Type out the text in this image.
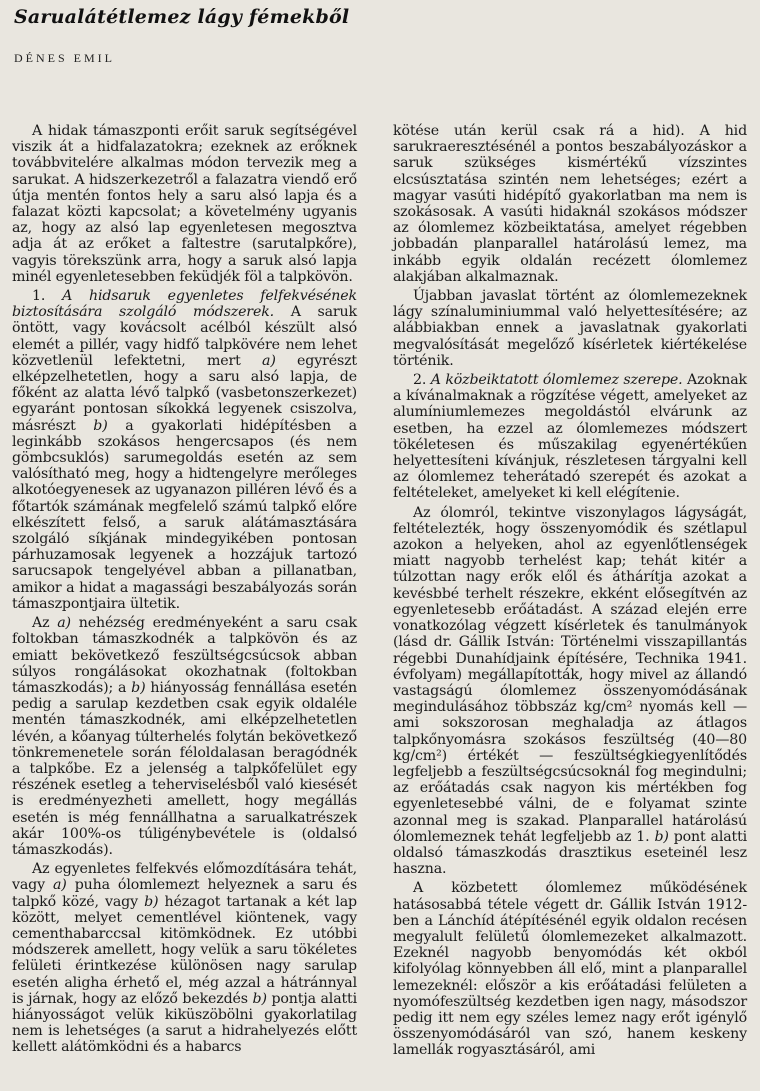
Sarualátétlemez lágy fémekből
DÉNES EMIL

A hidak támaszponti erőit saruk segítségével viszik át a hidfalazatokra; ezeknek az erőknek továbbvitelére alkalmas módon tervezik meg a sarukat. A hidszerkezetről a falazatra viendő erő útja mentén fontos hely a saru alsó lapja és a falazat közti kapcsolat; a követelmény ugyanis az, hogy az alsó lap egyenletesen megosztva adja át az erőket a faltestre (sarutalpkőre), vagyis törekszünk arra, hogy a saruk alsó lapja minél egyenletesebben feküdjék föl a talpkövön.

1. A hidsaruk egyenletes felfekvésének biztosítására szolgáló módszerek. A saruk öntött, vagy kovácsolt acélból készült alsó elemét a pillér, vagy hidfő talpkövére nem lehet közvetlenül lefektetni, mert a) egyrészt elképzelhetetlen, hogy a saru alsó lapja, de főként az alatta lévő talpkő (vasbetonszerkezet) egyaránt pontosan síkokká legyenek csiszolva, másrészt b) a gyakorlati hidépítésben a leginkább szokásos hengercsapos (és nem gömbcsuklós) sarumegoldás esetén az sem valósítható meg, hogy a hidtengelyre merőleges alkotóegyenesek az ugyanazon pilléren lévő és a főtartók számának megfelelő számú talpkő előre elkészített felső, a saruk alátámasztására szolgáló síkjának mindegyikében pontosan párhuzamosak legyenek a hozzájuk tartozó sarucsapok tengelyével abban a pillanatban, amikor a hidat a magassági beszabályozás során támaszpontjaira ültetik.

Az a) nehézség eredményeként a saru csak foltokban támaszkodnék a talpkövön és az emiatt bekövetkező feszültségcsúcsok abban súlyos rongálásokat okozhatnak (foltokban támaszkodás); a b) hiányosság fennállása esetén pedig a sarulap kezdetben csak egyik oldaléle mentén támaszkodnék, ami elképzelhetetlen lévén, a kőanyag túlterhelés folytán bekövetkező tönkremenetele során féloldalasan beragódnék a talpkőbe. Ez a jelenség a talpkőfelület egy részének esetleg a teherviselésből való kiesését is eredményezheti amellett, hogy megállás esetén is még fennállhatna a sarualkatrészek akár 100%-os túligénybevétele is (oldalsó támaszkodás).

Az egyenletes felfekvés előmozdítására tehát, vagy a) puha ólomlemezt helyeznek a saru és talpkő közé, vagy b) hézagot tartanak a két lap között, melyet cementlével kiöntenek, vagy cementhabarccsal kitömködnek. Ez utóbbi módszerek amellett, hogy velük a saru tökéletes felületi érintkezése különösen nagy sarulap esetén aligha érhető el, még azzal a hátránnyal is járnak, hogy az előző bekezdés b) pontja alatti hiányosságot velük kiküszöbölni gyakorlatilag nem is lehetséges (a sarut a hidrahelyezés előtt kellett alátömködni és a habarcs

kötése után kerül csak rá a hid). A hid sarukraeresztésénél a pontos beszabályozáskor a saruk szükséges kismértékű vízszintes elcsúsztatása szintén nem lehetséges; ezért a magyar vasúti hidépítő gyakorlatban ma nem is szokásosak. A vasúti hidaknál szokásos módszer az ólomlemez közbeiktatása, amelyet régebben jobbadán planparallel határolású lemez, ma inkább egyik oldalán recézett ólomlemez alakjában alkalmaznak.

Újabban javaslat történt az ólomlemezeknek lágy színaluminiummal való helyettesítésére; az alábbiakban ennek a javaslatnak gyakorlati megvalósítását megelőző kísérletek kiértékelése történik.

2. A közbeiktatott ólomlemez szerepe. Azoknak a kívánalmaknak a rögzítése végett, amelyeket az alumíniumlemezes megoldástól elvárunk az esetben, ha ezzel az ólomlemezes módszert tökéletesen és műszakilag egyenértékűen helyettesíteni kívánjuk, részletesen tárgyalni kell az ólomlemez teherátadó szerepét és azokat a feltételeket, amelyeket ki kell elégítenie.

Az ólomról, tekintve viszonylagos lágyságát, feltételezték, hogy összenyomódik és szétlapul azokon a helyeken, ahol az egyenlőtlenségek miatt nagyobb terhelést kap; tehát kitér a túlzottan nagy erők elől és áthárítja azokat a kevésbbé terhelt részekre, ekként elősegítvén az egyenletesebb erőátadást. A század elején erre vonatkozólag végzett kísérletek és tanulmányok (lásd dr. Gállik István: Történelmi visszapillantás régebbi Dunahídjaink építésére, Technika 1941. évfolyam) megállapították, hogy mivel az állandó vastagságú ólomlemez összenyomódásának megindulásához többszáz kg/cm² nyomás kell — ami sokszorosan meghaladja az átlagos talpkőnyomásra szokásos feszültség (40—80 kg/cm²) értékét — feszültségkiegyenlítődés legfeljebb a feszültségcsúcsoknál fog megindulni; az erőátadás csak nagyon kis mértékben fog egyenletesebbé válni, de e folyamat szinte azonnal meg is szakad. Planparallel határolású ólomlemeznek tehát legfeljebb az 1. b) pont alatti oldalsó támaszkodás drasztikus eseteinél lesz haszna.

A közbetett ólomlemez működésének hatásosabbá tétele végett dr. Gállik István 1912-ben a Lánchíd átépítésénél egyik oldalon recésen megyalult felületű ólomlemezeket alkalmazott. Ezeknél nagyobb benyomódás két okból kifolyólag könnyebben áll elő, mint a planparallel lemezeknél: először a kis erőátadási felületen a nyomófeszültség kezdetben igen nagy, másodszor pedig itt nem egy széles lemez nagy erőt igénylő összenyomódásáról van szó, hanem keskeny lamellák rogyasztásáról, ami
